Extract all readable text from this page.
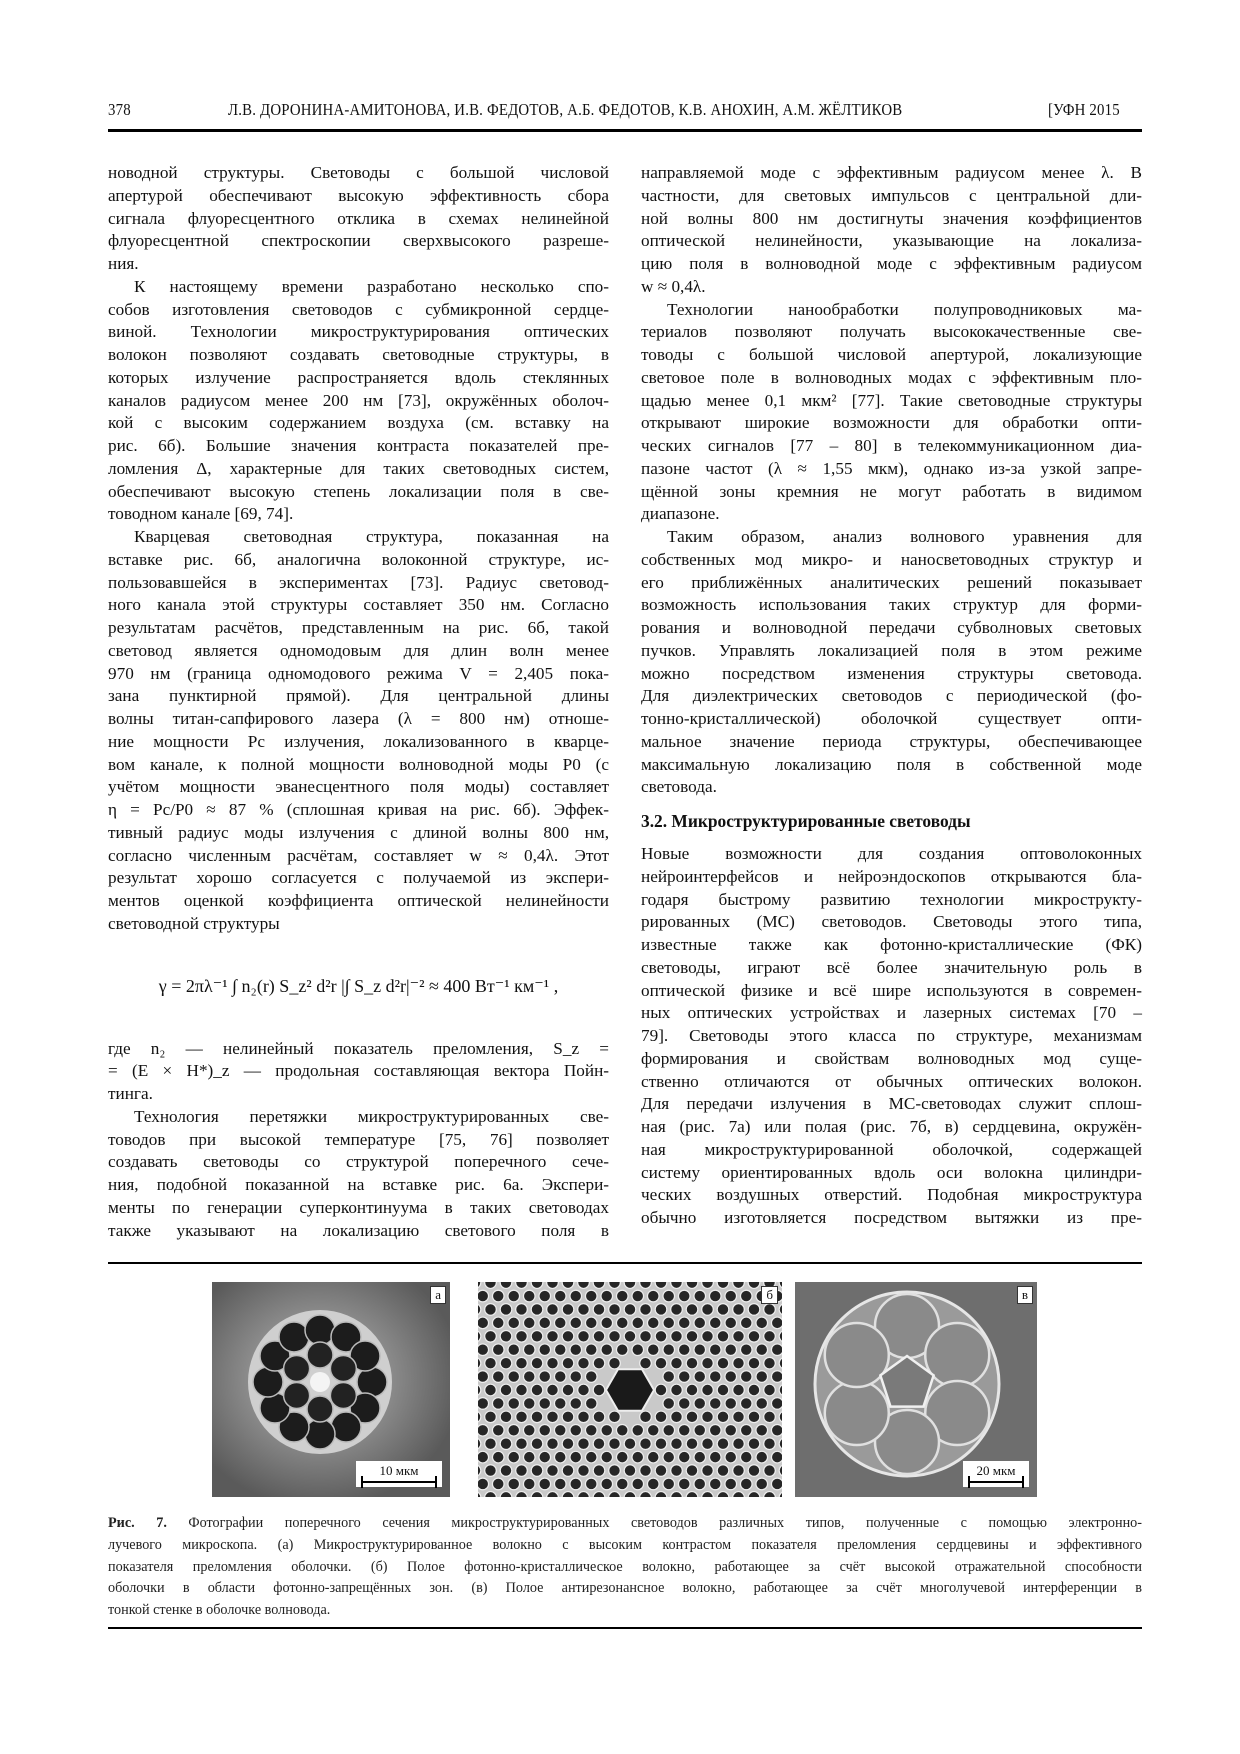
378	Л.В. ДОРОНИНА-АМИТОНОВА, И.В. ФЕДОТОВ, А.Б. ФЕДОТОВ, К.В. АНОХИН, А.М. ЖЁЛТИКОВ	[УФН 2015
новодной структуры. Световоды с большой числовой
апертурой обеспечивают высокую эффективность сбора
сигнала флуоресцентного отклика в схемах нелинейной
флуоресцентной спектроскопии сверхвысокого разреше-
ния.
К настоящему времени разработано несколько спо-
собов изготовления световодов с субмикронной сердце-
виной. Технологии микроструктурирования оптических
волокон позволяют создавать световодные структуры, в
которых излучение распространяется вдоль стеклянных
каналов радиусом менее 200 нм [73], окружённых оболоч-
кой с высоким содержанием воздуха (см. вставку на
рис. 6б). Большие значения контраста показателей пре-
ломления Δ, характерные для таких световодных систем,
обеспечивают высокую степень локализации поля в све-
товодном канале [69, 74].
Кварцевая световодная структура, показанная на
вставке рис. 6б, аналогична волоконной структуре, ис-
пользовавшейся в экспериментах [73]. Радиус световод-
ного канала этой структуры составляет 350 нм. Согласно
результатам расчётов, представленным на рис. 6б, такой
световод является одномодовым для длин волн менее
970 нм (граница одномодового режима V = 2,405 пока-
зана пунктирной прямой). Для центральной длины
волны титан-сапфирового лазера (λ = 800 нм) отноше-
ние мощности Pc излучения, локализованного в кварце-
вом канале, к полной мощности волноводной моды P0 (с
учётом мощности эванесцентного поля моды) составляет
η = Pc/P0 ≈ 87 % (сплошная кривая на рис. 6б). Эффек-
тивный радиус моды излучения с длиной волны 800 нм,
согласно численным расчётам, составляет w ≈ 0,4λ. Этот
результат хорошо согласуется с получаемой из экспери-
ментов оценкой коэффициента оптической нелинейности
световодной структуры
γ = 2πλ⁻¹ ∫ n₂(r) S_z² d²r |∫ S_z d²r|⁻² ≈ 400 Вт⁻¹ км⁻¹ ,
где n₂ — нелинейный показатель преломления, S_z =
= (E × H*)_z — продольная составляющая вектора Пойн-
тинга.
Технология перетяжки микроструктурированных све-
товодов при высокой температуре [75, 76] позволяет
создавать световоды со структурой поперечного сече-
ния, подобной показанной на вставке рис. 6а. Экспери-
менты по генерации суперконтинуума в таких световодах
также указывают на локализацию светового поля в
направляемой моде с эффективным радиусом менее λ. В
частности, для световых импульсов с центральной дли-
ной волны 800 нм достигнуты значения коэффициентов
оптической нелинейности, указывающие на локализа-
цию поля в волноводной моде с эффективным радиусом
w ≈ 0,4λ.
Технологии нанообработки полупроводниковых ма-
териалов позволяют получать высококачественные све-
товоды с большой числовой апертурой, локализующие
световое поле в волноводных модах с эффективным пло-
щадью менее 0,1 мкм² [77]. Такие световодные структуры
открывают широкие возможности для обработки опти-
ческих сигналов [77 – 80] в телекоммуникационном диа-
пазоне частот (λ ≈ 1,55 мкм), однако из-за узкой запре-
щённой зоны кремния не могут работать в видимом
диапазоне.
Таким образом, анализ волнового уравнения для
собственных мод микро- и наносветоводных структур и
его приближённых аналитических решений показывает
возможность использования таких структур для форми-
рования и волноводной передачи субволновых световых
пучков. Управлять локализацией поля в этом режиме
можно посредством изменения структуры световода.
Для диэлектрических световодов с периодической (фо-
тонно-кристаллической) оболочкой существует опти-
мальное значение периода структуры, обеспечивающее
максимальную локализацию поля в собственной моде
световода.
3.2. Микроструктурированные световоды
Новые возможности для создания оптоволоконных
нейроинтерфейсов и нейроэндоскопов открываются бла-
годаря быстрому развитию технологии микрострукту-
рированных (МС) световодов. Световоды этого типа,
известные также как фотонно-кристаллические (ФК)
световоды, играют всё более значительную роль в
оптической физике и всё шире используются в современ-
ных оптических устройствах и лазерных системах [70 –
79]. Световоды этого класса по структуре, механизмам
формирования и свойствам волноводных мод суще-
ственно отличаются от обычных оптических волокон.
Для передачи излучения в МС-световодах служит сплош-
ная (рис. 7а) или полая (рис. 7б, в) сердцевина, окружён-
ная микроструктурированной оболочкой, содержащей
систему ориентированных вдоль оси волокна цилиндри-
ческих воздушных отверстий. Подобная микроструктура
обычно изготовляется посредством вытяжки из пре-
а
10 мкм
б	в
20 мкм
Рис. 7. Фотографии поперечного сечения микроструктурированных световодов различных типов, полученные с помощью электронно-
лучевого микроскопа. (а) Микроструктурированное волокно с высоким контрастом показателя преломления сердцевины и эффективного
показателя преломления оболочки. (б) Полое фотонно-кристаллическое волокно, работающее за счёт высокой отражательной способности
оболочки в области фотонно-запрещённых зон. (в) Полое антирезонансное волокно, работающее за счёт многолучевой интерференции в
тонкой стенке в оболочке волновода.
